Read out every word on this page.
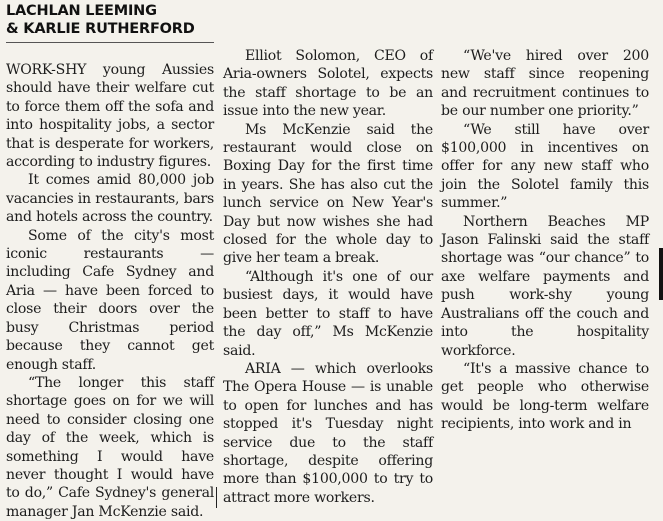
LACHLAN LEEMING
& KARLIE RUTHERFORD

WORK-SHY young Aussies should have their welfare cut to force them off the sofa and into hospitality jobs, a sector that is desperate for workers, according to industry figures.

It comes amid 80,000 job vacancies in restaurants, bars and hotels across the country.

Some of the city's most iconic restaurants — including Cafe Sydney and Aria — have been forced to close their doors over the busy Christmas period because they cannot get enough staff.

“The longer this staff shortage goes on for we will need to consider closing one day of the week, which is something I would have never thought I would have to do,” Cafe Sydney's general manager Jan McKenzie said.

Elliot Solomon, CEO of Aria-owners Solotel, expects the staff shortage to be an issue into the new year.

Ms McKenzie said the restaurant would close on Boxing Day for the first time in years. She has also cut the lunch service on New Year's Day but now wishes she had closed for the whole day to give her team a break.

“Although it's one of our busiest days, it would have been better to staff to have the day off,” Ms McKenzie said.

ARIA — which overlooks The Opera House — is unable to open for lunches and has stopped it's Tuesday night service due to the staff shortage, despite offering more than $100,000 to try to attract more workers.

“We've hired over 200 new staff since reopening and recruitment continues to be our number one priority.”

“We still have over $100,000 in incentives on offer for any new staff who join the Solotel family this summer.”

Northern Beaches MP Jason Falinski said the staff shortage was “our chance” to axe welfare payments and push work-shy young Australians off the couch and into the hospitality workforce.

“It's a massive chance to get people who otherwise would be long-term welfare recipients, into work and in
